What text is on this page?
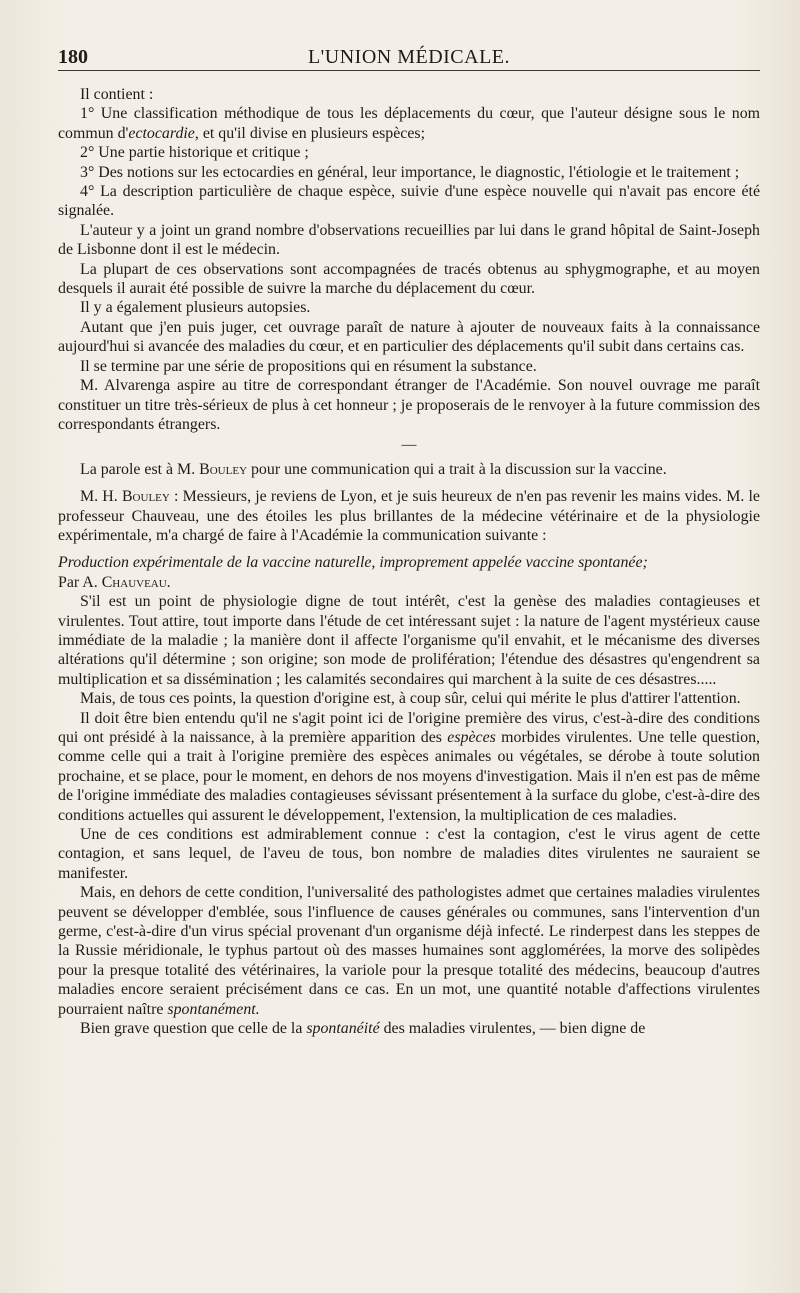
180	L'UNION MÉDICALE.

Il contient :

1° Une classification méthodique de tous les déplacements du cœur, que l'auteur désigne sous le nom commun d'ectocardie, et qu'il divise en plusieurs espèces;

2° Une partie historique et critique ;

3° Des notions sur les ectocardies en général, leur importance, le diagnostic, l'étiologie et le traitement ;

4° La description particulière de chaque espèce, suivie d'une espèce nouvelle qui n'avait pas encore été signalée.

L'auteur y a joint un grand nombre d'observations recueillies par lui dans le grand hôpital de Saint-Joseph de Lisbonne dont il est le médecin.

La plupart de ces observations sont accompagnées de tracés obtenus au sphygmographe, et au moyen desquels il aurait été possible de suivre la marche du déplacement du cœur.

Il y a également plusieurs autopsies.

Autant que j'en puis juger, cet ouvrage paraît de nature à ajouter de nouveaux faits à la connaissance aujourd'hui si avancée des maladies du cœur, et en particulier des déplacements qu'il subit dans certains cas.

Il se termine par une série de propositions qui en résument la substance.

M. Alvarenga aspire au titre de correspondant étranger de l'Académie. Son nouvel ouvrage me paraît constituer un titre très-sérieux de plus à cet honneur ; je proposerais de le renvoyer à la future commission des correspondants étrangers.

—

La parole est à M. Bouley pour une communication qui a trait à la discussion sur la vaccine.

M. H. Bouley : Messieurs, je reviens de Lyon, et je suis heureux de n'en pas revenir les mains vides. M. le professeur Chauveau, une des étoiles les plus brillantes de la médecine vétérinaire et de la physiologie expérimentale, m'a chargé de faire à l'Académie la communication suivante :

Production expérimentale de la vaccine naturelle, improprement appelée vaccine spontanée;

Par A. Chauveau.

S'il est un point de physiologie digne de tout intérêt, c'est la genèse des maladies contagieuses et virulentes. Tout attire, tout importe dans l'étude de cet intéressant sujet : la nature de l'agent mystérieux cause immédiate de la maladie ; la manière dont il affecte l'organisme qu'il envahit, et le mécanisme des diverses altérations qu'il détermine ; son origine; son mode de prolifération; l'étendue des désastres qu'engendrent sa multiplication et sa dissémination ; les calamités secondaires qui marchent à la suite de ces désastres.....

Mais, de tous ces points, la question d'origine est, à coup sûr, celui qui mérite le plus d'attirer l'attention.

Il doit être bien entendu qu'il ne s'agit point ici de l'origine première des virus, c'est-à-dire des conditions qui ont présidé à la naissance, à la première apparition des espèces morbides virulentes. Une telle question, comme celle qui a trait à l'origine première des espèces animales ou végétales, se dérobe à toute solution prochaine, et se place, pour le moment, en dehors de nos moyens d'investigation. Mais il n'en est pas de même de l'origine immédiate des maladies contagieuses sévissant présentement à la surface du globe, c'est-à-dire des conditions actuelles qui assurent le développement, l'extension, la multiplication de ces maladies.

Une de ces conditions est admirablement connue : c'est la contagion, c'est le virus agent de cette contagion, et sans lequel, de l'aveu de tous, bon nombre de maladies dites virulentes ne sauraient se manifester.

Mais, en dehors de cette condition, l'universalité des pathologistes admet que certaines maladies virulentes peuvent se développer d'emblée, sous l'influence de causes générales ou communes, sans l'intervention d'un germe, c'est-à-dire d'un virus spécial provenant d'un organisme déjà infecté. Le rinderpest dans les steppes de la Russie méridionale, le typhus partout où des masses humaines sont agglomérées, la morve des solipèdes pour la presque totalité des vétérinaires, la variole pour la presque totalité des médecins, beaucoup d'autres maladies encore seraient précisément dans ce cas. En un mot, une quantité notable d'affections virulentes pourraient naître spontanément.

Bien grave question que celle de la spontanéité des maladies virulentes, — bien digne de
